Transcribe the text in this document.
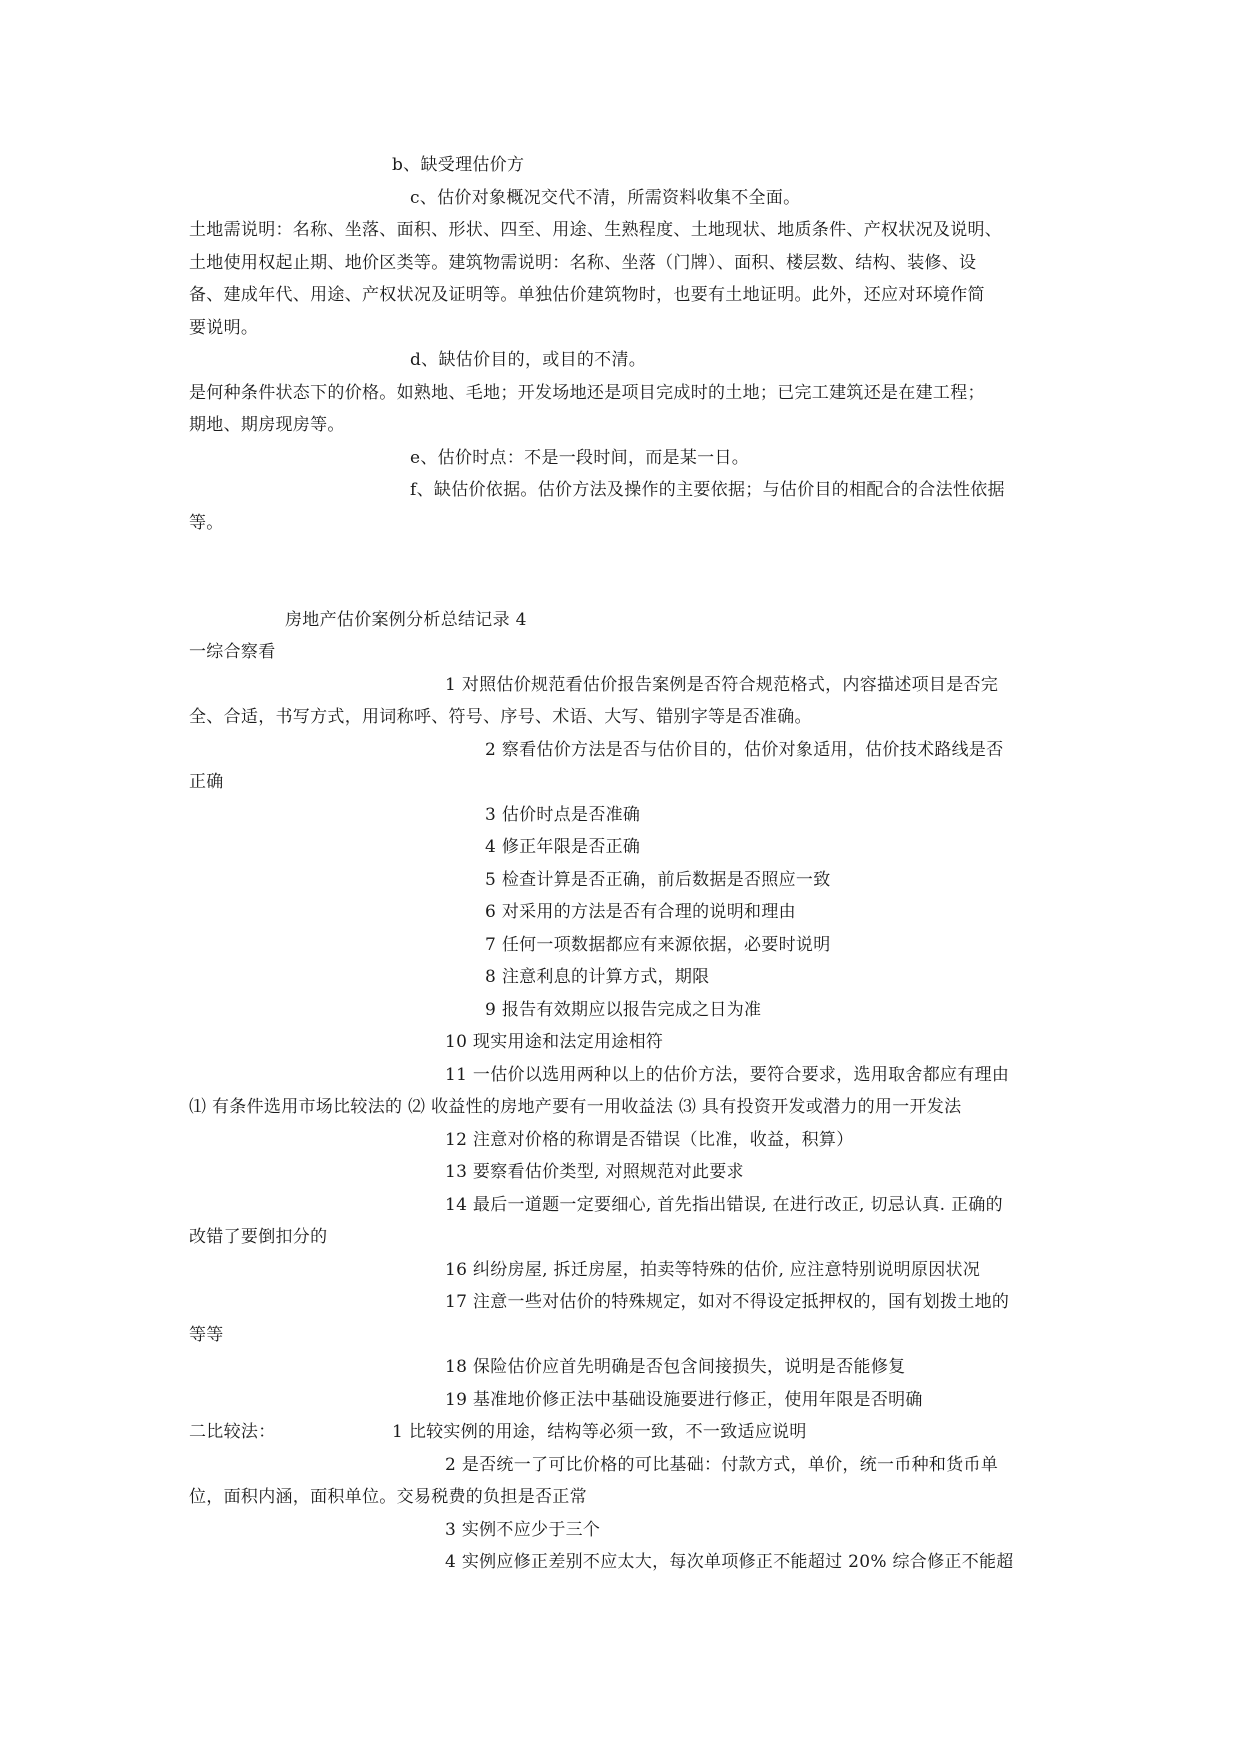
b、缺受理估价方
c、估价对象概况交代不清，所需资料收集不全面。
土地需说明：名称、坐落、面积、形状、四至、用途、生熟程度、土地现状、地质条件、产权状况及说明、
土地使用权起止期、地价区类等。建筑物需说明：名称、坐落（门牌）、面积、楼层数、结构、装修、设
备、建成年代、用途、产权状况及证明等。单独估价建筑物时，也要有土地证明。此外，还应对环境作简
要说明。
d、缺估价目的，或目的不清。
是何种条件状态下的价格。如熟地、毛地；开发场地还是项目完成时的土地；已完工建筑还是在建工程；
期地、期房现房等。
e、估价时点：不是一段时间，而是某一日。
f、缺估价依据。估价方法及操作的主要依据；与估价目的相配合的合法性依据
等。
房地产估价案例分析总结记录 4
一综合察看
1 对照估价规范看估价报告案例是否符合规范格式，内容描述项目是否完
全、合适，书写方式，用词称呼、符号、序号、术语、大写、错别字等是否准确。
2 察看估价方法是否与估价目的，估价对象适用，估价技术路线是否
正确
3 估价时点是否准确
4 修正年限是否正确
5 检查计算是否正确，前后数据是否照应一致
6 对采用的方法是否有合理的说明和理由
7 任何一项数据都应有来源依据，必要时说明
8 注意利息的计算方式，期限
9 报告有效期应以报告完成之日为准
10 现实用途和法定用途相符
11 一估价以选用两种以上的估价方法，要符合要求，选用取舍都应有理由
⑴ 有条件选用市场比较法的 ⑵ 收益性的房地产要有一用收益法 ⑶ 具有投资开发或潜力的用一开发法
12 注意对价格的称谓是否错误（比准，收益，积算）
13 要察看估价类型, 对照规范对此要求
14 最后一道题一定要细心, 首先指出错误, 在进行改正, 切忌认真. 正确的
改错了要倒扣分的
16 纠纷房屋, 拆迁房屋，拍卖等特殊的估价, 应注意特别说明原因状况
17 注意一些对估价的特殊规定，如对不得设定抵押权的，国有划拨土地的
等等
18 保险估价应首先明确是否包含间接损失，说明是否能修复
19 基准地价修正法中基础设施要进行修正，使用年限是否明确
二比较法：	1 比较实例的用途，结构等必须一致，不一致适应说明
2 是否统一了可比价格的可比基础：付款方式，单价，统一币种和货币单
位，面积内涵，面积单位。交易税费的负担是否正常
3 实例不应少于三个
4 实例应修正差别不应太大，每次单项修正不能超过 20% 综合修正不能超
